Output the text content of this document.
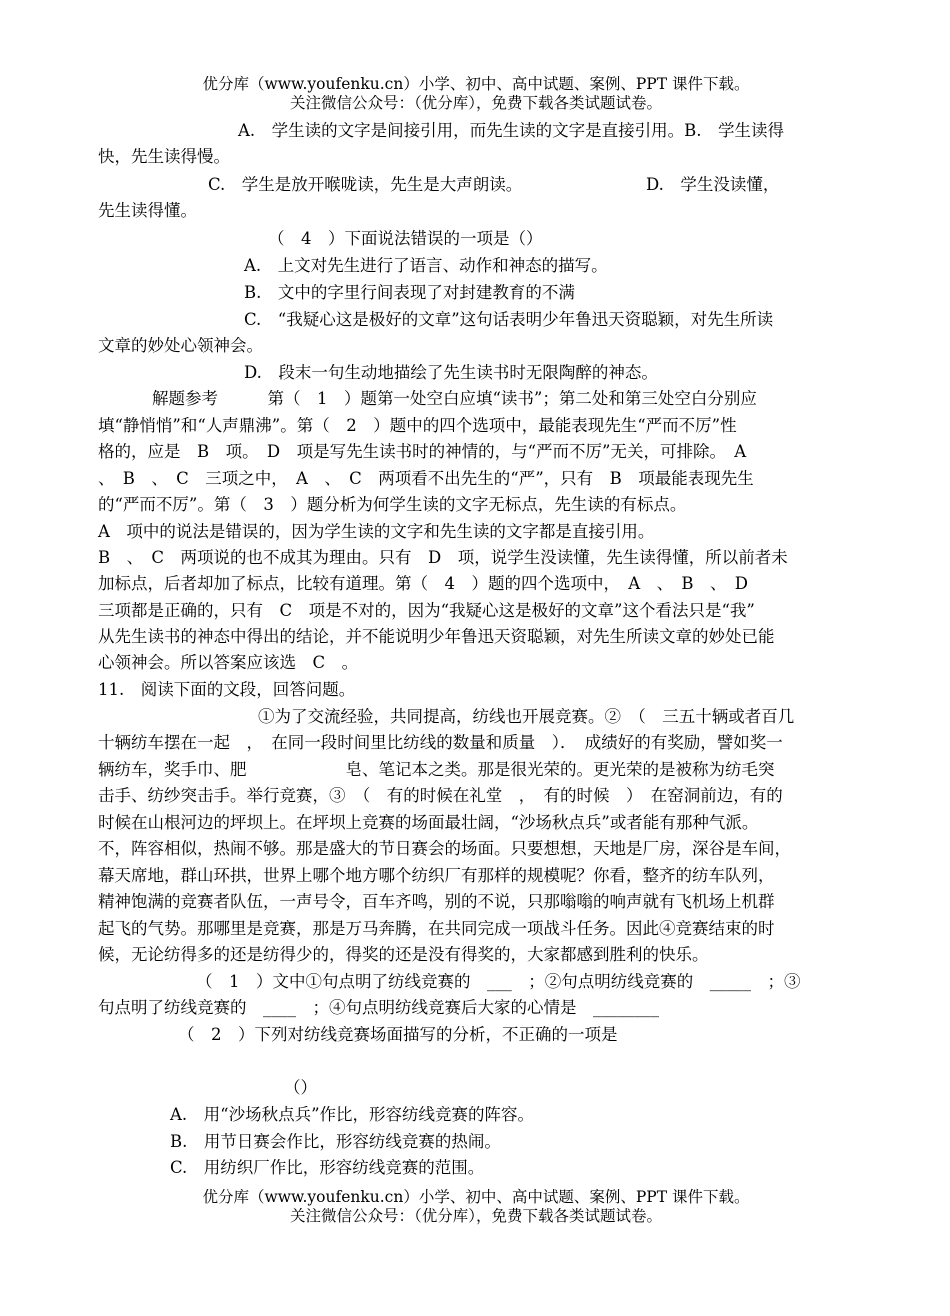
优分库（www.youfenku.cn）小学、初中、高中试题、案例、PPT 课件下载。
关注微信公众号：（优分库），免费下载各类试题试卷。
A.　学生读的文字是间接引用，而先生读的文字是直接引用。B.　学生读得
快，先生读得慢。
C.　学生是放开喉咙读，先生是大声朗读。　　　　　　　　D.　学生没读懂，
先生读得懂。
（　4　）下面说法错误的一项是（）
A.　上文对先生进行了语言、动作和神态的描写。
B.　文中的字里行间表现了对封建教育的不满
C.　“我疑心这是极好的文章”这句话表明少年鲁迅天资聪颖，对先生所读
文章的妙处心领神会。
D.　段末一句生动地描绘了先生读书时无限陶醉的神态。
解题参考　　　第（　1　）题第一处空白应填“读书”；第二处和第三处空白分别应
填“静悄悄”和“人声鼎沸”。第（　2　）题中的四个选项中，最能表现先生“严而不厉”性
格的，应是　B　项。　D　项是写先生读书时的神情的，与“严而不厉”无关，可排除。　A
、　B　、　C　三项之中，　A　、　C　两项看不出先生的“严”，只有　B　项最能表现先生
的“严而不厉”。第（　3　）题分析为何学生读的文字无标点，先生读的有标点。
A　项中的说法是错误的，因为学生读的文字和先生读的文字都是直接引用。
B　、　C　两项说的也不成其为理由。只有　D　项，说学生没读懂，先生读得懂，所以前者未
加标点，后者却加了标点，比较有道理。第（　4　）题的四个选项中，　A　、　B　、　D
三项都是正确的，只有　C　项是不对的，因为“我疑心这是极好的文章”这个看法只是“我”
从先生读书的神态中得出的结论，并不能说明少年鲁迅天资聪颖，对先生所读文章的妙处已能
心领神会。所以答案应该选　C　。
11.　阅读下面的文段，回答问题。
①为了交流经验，共同提高，纺线也开展竞赛。②　（　三五十辆或者百几
十辆纺车摆在一起　，　在同一段时间里比纺线的数量和质量　）．　成绩好的有奖励，譬如奖一
辆纺车，奖手巾、肥　　　　　　皂、笔记本之类。那是很光荣的。更光荣的是被称为纺毛突
击手、纺纱突击手。举行竞赛，③　（　有的时候在礼堂　，　有的时候　）　在窑洞前边，有的
时候在山根河边的坪坝上。在坪坝上竞赛的场面最壮阔，“沙场秋点兵”或者能有那种气派。
不，阵容相似，热闹不够。那是盛大的节日赛会的场面。只要想想，天地是厂房，深谷是车间，
幕天席地，群山环拱，世界上哪个地方哪个纺织厂有那样的规模呢？你看，整齐的纺车队列，
精神饱满的竞赛者队伍，一声号令，百车齐鸣，别的不说，只那嗡嗡的响声就有飞机场上机群
起飞的气势。那哪里是竞赛，那是万马奔腾，在共同完成一项战斗任务。因此④竞赛结束的时
候，无论纺得多的还是纺得少的，得奖的还是没有得奖的，大家都感到胜利的快乐。
（　1　）文中①句点明了纺线竞赛的　___　；②句点明纺线竞赛的　_____　；③
句点明了纺线竞赛的　____　；④句点明纺线竞赛后大家的心情是　________
（　2　）下列对纺线竞赛场面描写的分析，不正确的一项是
（）
A.　用“沙场秋点兵”作比，形容纺线竞赛的阵容。
B.　用节日赛会作比，形容纺线竞赛的热闹。
C.　用纺织厂作比，形容纺线竞赛的范围。
优分库（www.youfenku.cn）小学、初中、高中试题、案例、PPT 课件下载。
关注微信公众号：（优分库），免费下载各类试题试卷。
